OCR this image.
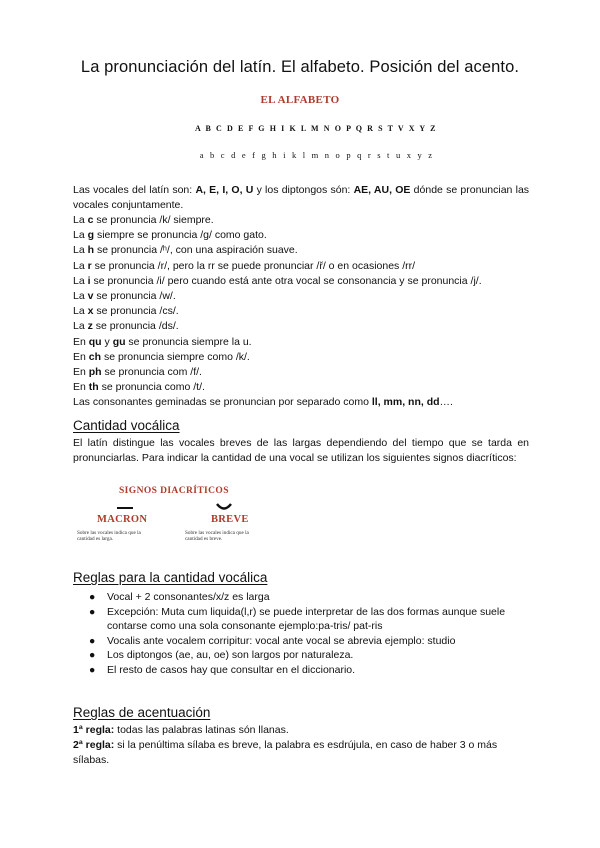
La pronunciación del latín. El alfabeto. Posición del acento.
EL ALFABETO
A B C D E F G H I K L M N O P Q R S T V X Y Z
a b c d e f g h i k l m n o p q r s t u x y z
Las vocales del latín son: A, E, I, O, U y los diptongos són: AE, AU, OE dónde se pronuncian las vocales conjuntamente.
La c se pronuncia /k/ siempre.
La g siempre se pronuncia /g/ como gato.
La h se pronuncia /ʰ/, con una aspiración suave.
La r se pronuncia /r/, pero la rr se puede pronunciar /ř/ o en ocasiones /rr/
La i se pronuncia /i/ pero cuando está ante otra vocal se consonancia y se pronuncia /j/.
La v se pronuncia /w/.
La x se pronuncia /cs/.
La z se pronuncia /ds/.
En qu y gu se pronuncia siempre la u.
En ch se pronuncia siempre como /k/.
En ph se pronuncia com /f/.
En th se pronuncia como /t/.
Las consonantes geminadas se pronuncian por separado como ll, mm, nn, dd….
Cantidad vocálica
El latín distingue las vocales breves de las largas dependiendo del tiempo que se tarda en pronunciarlas. Para indicar la cantidad de una vocal se utilizan los siguientes signos diacríticos:
SIGNOS DIACRÍTICOS
MACRON	BREVE
Sobre las vocales indica que la cantidad es larga.
Sobre las vocales indica que la cantidad es breve.
Reglas para la cantidad vocálica
● Vocal + 2 consonantes/x/z es larga
● Excepción: Muta cum liquida(l,r) se puede interpretar de las dos formas aunque suele contarse como una sola consonante ejemplo:pa-tris/ pat-ris
● Vocalis ante vocalem corripitur: vocal ante vocal se abrevia ejemplo: studio
● Los diptongos (ae, au, oe) son largos por naturaleza.
● El resto de casos hay que consultar en el diccionario.
Reglas de acentuación
1ª regla: todas las palabras latinas són llanas.
2ª regla: si la penúltima sílaba es breve, la palabra es esdrújula, en caso de haber 3 o más sílabas.
